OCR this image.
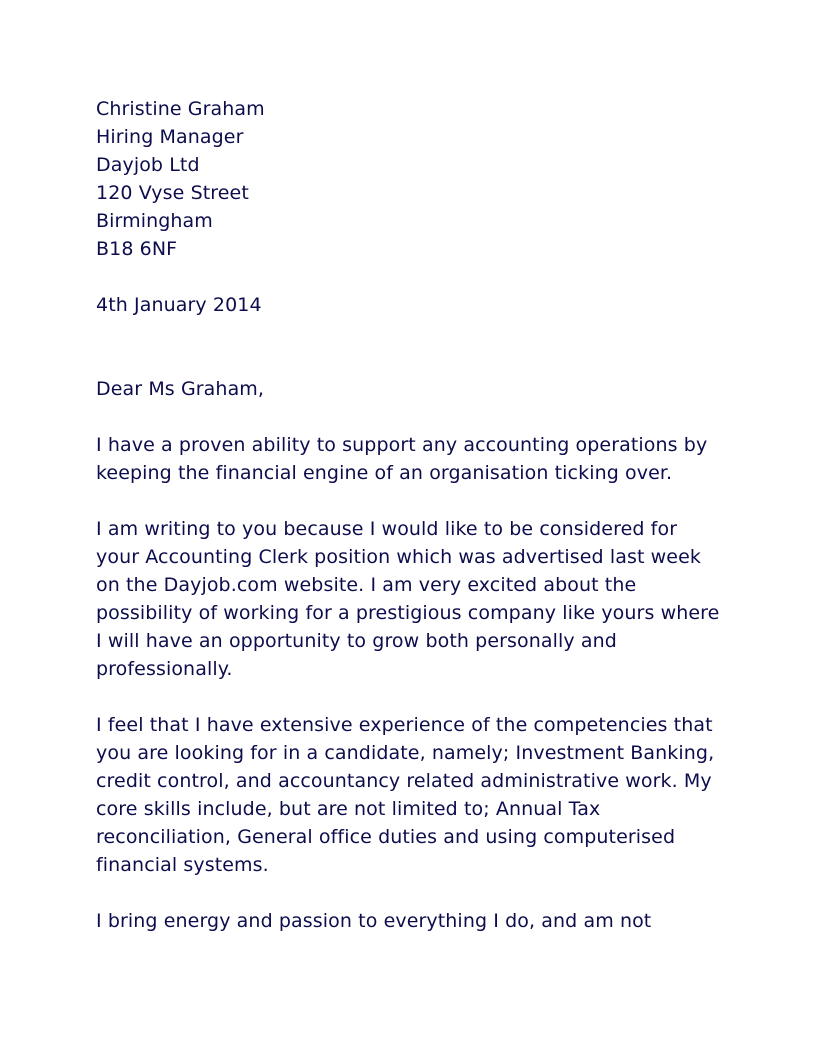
Christine Graham
Hiring Manager
Dayjob Ltd
120 Vyse Street
Birmingham
B18 6NF
4th January 2014
Dear Ms Graham,

I have a proven ability to support any accounting operations by keeping the financial engine of an organisation ticking over.

I am writing to you because I would like to be considered for your Accounting Clerk position which was advertised last week on the Dayjob.com website. I am very excited about the possibility of working for a prestigious company like yours where I will have an opportunity to grow both personally and professionally.

I feel that I have extensive experience of the competencies that you are looking for in a candidate, namely; Investment Banking, credit control, and accountancy related administrative work. My core skills include, but are not limited to; Annual Tax reconciliation, General office duties and using computerised financial systems.

I bring energy and passion to everything I do, and am not
